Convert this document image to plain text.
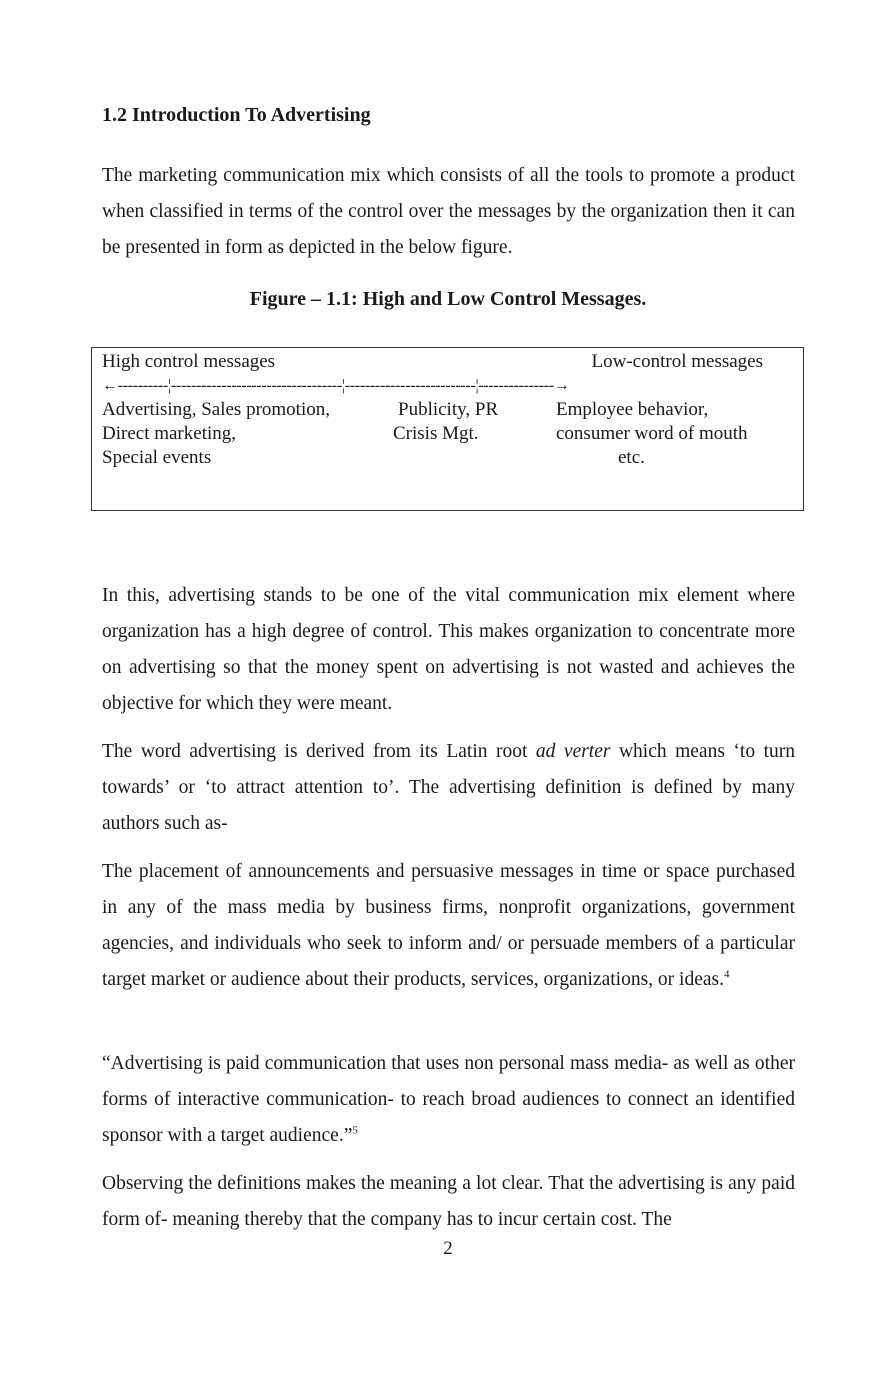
1.2 Introduction To Advertising
The marketing communication mix which consists of all the tools to promote a product when classified in terms of the control over the messages by the organization then it can be presented in form as depicted in the below figure.
Figure – 1.1: High and Low Control Messages.
High control messages	Low-control messages
←----------¦----------------------------------¦--------------------------¦---------------→
Advertising, Sales promotion,
Direct marketing,
Special events
Publicity, PR
Crisis Mgt.
Employee behavior,
consumer word of mouth
etc.
In this, advertising stands to be one of the vital communication mix element where organization has a high degree of control. This makes organization to concentrate more on advertising so that the money spent on advertising is not wasted and achieves the objective for which they were meant.
The word advertising is derived from its Latin root ad verter which means ‘to turn towards’ or ‘to attract attention to’. The advertising definition is defined by many authors such as-
The placement of announcements and persuasive messages in time or space purchased in any of the mass media by business firms, nonprofit organizations, government agencies, and individuals who seek to inform and/ or persuade members of a particular target market or audience about their products, services, organizations, or ideas.$^4$
“Advertising is paid communication that uses non personal mass media- as well as other forms of interactive communication- to reach broad audiences to connect an identified sponsor with a target audience.”$^5$
Observing the definitions makes the meaning a lot clear. That the advertising is any paid form of- meaning thereby that the company has to incur certain cost. The
2
